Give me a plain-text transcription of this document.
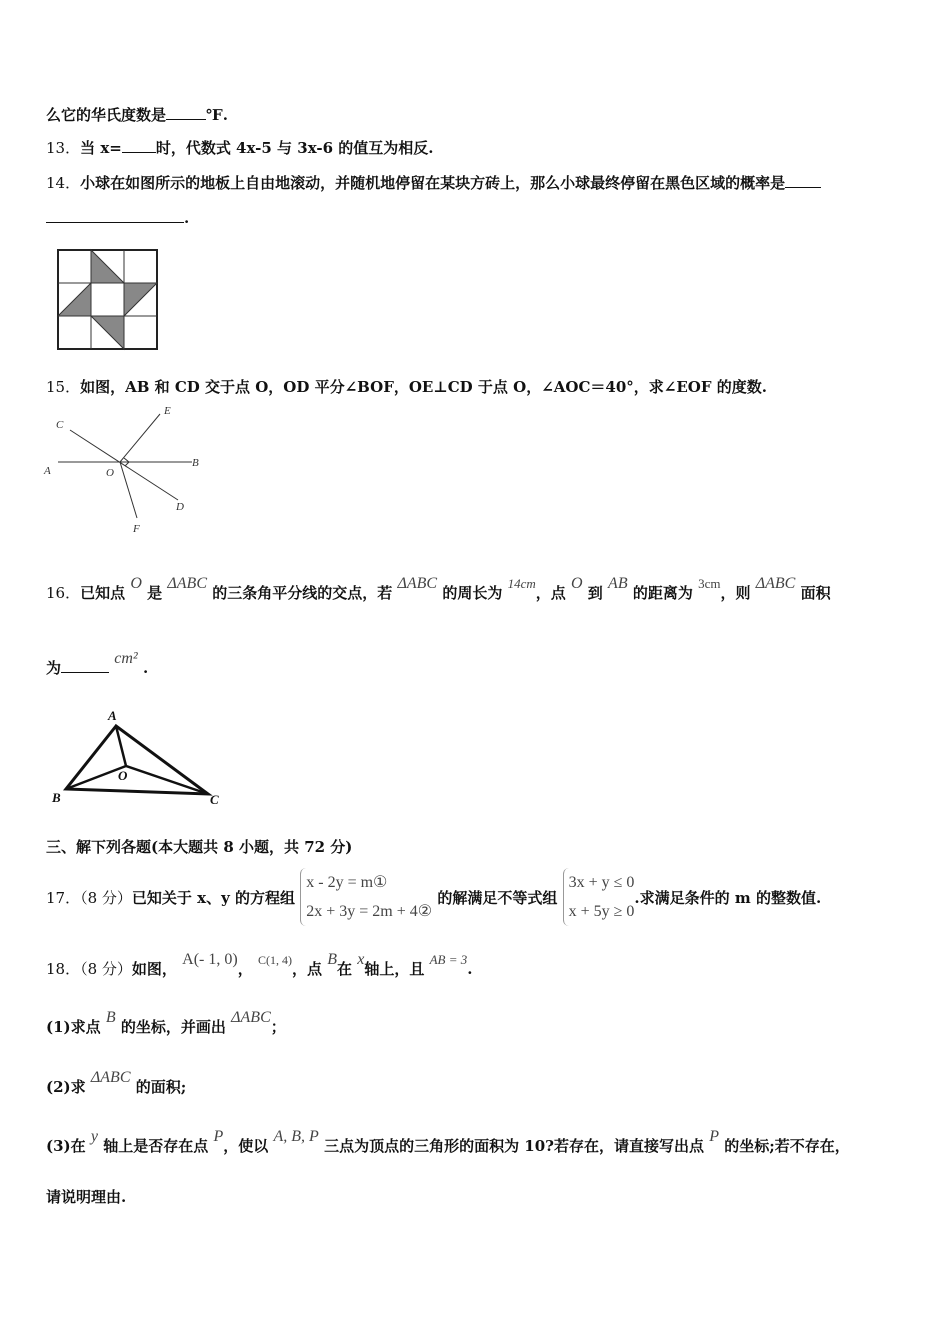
么它的华氏度数是	℉.
13．当 x= 时，代数式 4x-5 与 3x-6 的值互为相反.
14．小球在如图所示的地板上自由地滚动，并随机地停留在某块方砖上，那么小球最终停留在黑色区域的概率是
.
15．如图，AB 和 CD 交于点 O，OD 平分∠BOF，OE⊥CD 于点 O，∠AOC＝40°，求∠EOF 的度数.
A
B
C
D
E
F
O
16．已知点 O 是 ΔABC 的三条角平分线的交点，若 ΔABC 的周长为 14cm，点 O 到 AB 的距离为 3cm，则 ΔABC 面积
为 cm² .
A
B	C
O
三、解下列各题(本大题共 8 小题，共 72 分)
17．（8 分）已知关于 x、y 的方程组 x - 2y = m①
2x + 3y = 2m + 4② 的解满足不等式组 3x + y ≤ 0
x + 5y ≥ 0.求满足条件的 m 的整数值.
18．（8 分）如图， A(- 1, 0)， $^{C(1, 4)}$，点 B在 x轴上，且 AB = 3.
(1)求点 B 的坐标，并画出 ΔABC；
(2)求 ΔABC 的面积;
(3)在 y 轴上是否存在点 P，使以 A, B, P 三点为顶点的三角形的面积为 10?若存在，请直接写出点 P 的坐标;若不存在，
请说明理由.
